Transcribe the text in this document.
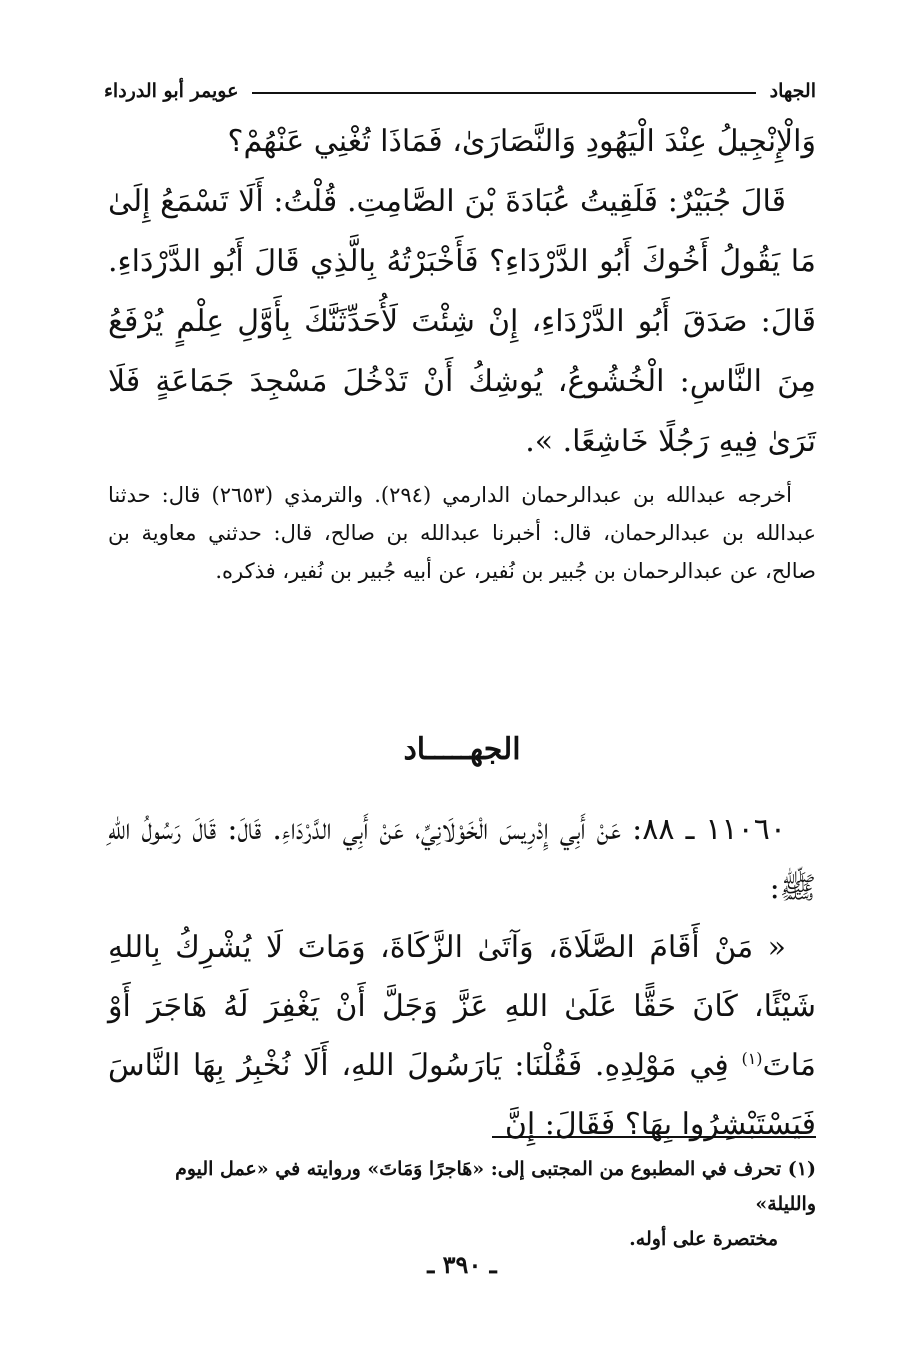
الجهاد
عويمر أبو الدرداء

وَالْإِنْجِيلُ عِنْدَ الْيَهُودِ وَالنَّصَارَىٰ، فَمَاذَا تُغْنِي عَنْهُمْ؟

قَالَ جُبَيْرٌ: فَلَقِيتُ عُبَادَةَ بْنَ الصَّامِتِ. قُلْتُ: أَلَا تَسْمَعُ إِلَىٰ مَا يَقُولُ أَخُوكَ أَبُو الدَّرْدَاءِ؟ فَأَخْبَرْتُهُ بِالَّذِي قَالَ أَبُو الدَّرْدَاءِ. قَالَ: صَدَقَ أَبُو الدَّرْدَاءِ، إِنْ شِئْتَ لَأُحَدِّثَنَّكَ بِأَوَّلِ عِلْمٍ يُرْفَعُ مِنَ النَّاسِ: الْخُشُوعُ، يُوشِكُ أَنْ تَدْخُلَ مَسْجِدَ جَمَاعَةٍ فَلَا تَرَىٰ فِيهِ رَجُلًا خَاشِعًا. ».

أخرجه عبدالله بن عبدالرحمان الدارمي (٢٩٤). والترمذي (٢٦٥٣) قال: حدثنا عبدالله بن عبدالرحمان، قال: أخبرنا عبدالله بن صالح، قال: حدثني معاوية بن صالح، عن عبدالرحمان بن جُبير بن نُفير، عن أبيه جُبير بن نُفير، فذكره.

الجهـــــاد

١١٠٦٠ ـ ٨٨: عَنْ أَبِي إِدْرِيسَ الْخَوْلَانِيِّ، عَنْ أَبِي الدَّرْدَاءِ. قَالَ: قَالَ رَسُولُ اللهِ ﷺ:

« مَنْ أَقَامَ الصَّلَاةَ، وَآتَىٰ الزَّكَاةَ، وَمَاتَ لَا يُشْرِكُ بِاللهِ شَيْئًا، كَانَ حَقًّا عَلَىٰ اللهِ عَزَّ وَجَلَّ أَنْ يَغْفِرَ لَهُ هَاجَرَ أَوْ مَاتَ$^{(١)}$ فِي مَوْلِدِهِ. فَقُلْنَا: يَارَسُولَ اللهِ، أَلَا نُخْبِرُ بِهَا النَّاسَ فَيَسْتَبْشِرُوا بِهَا؟ فَقَالَ: إِنَّ

(١) تحرف في المطبوع من المجتبى إلى: «هَاجرًا وَمَاتَ» وروايته في «عمل اليوم والليلة»

مختصرة على أوله.

ـ ٣٩٠ ـ
